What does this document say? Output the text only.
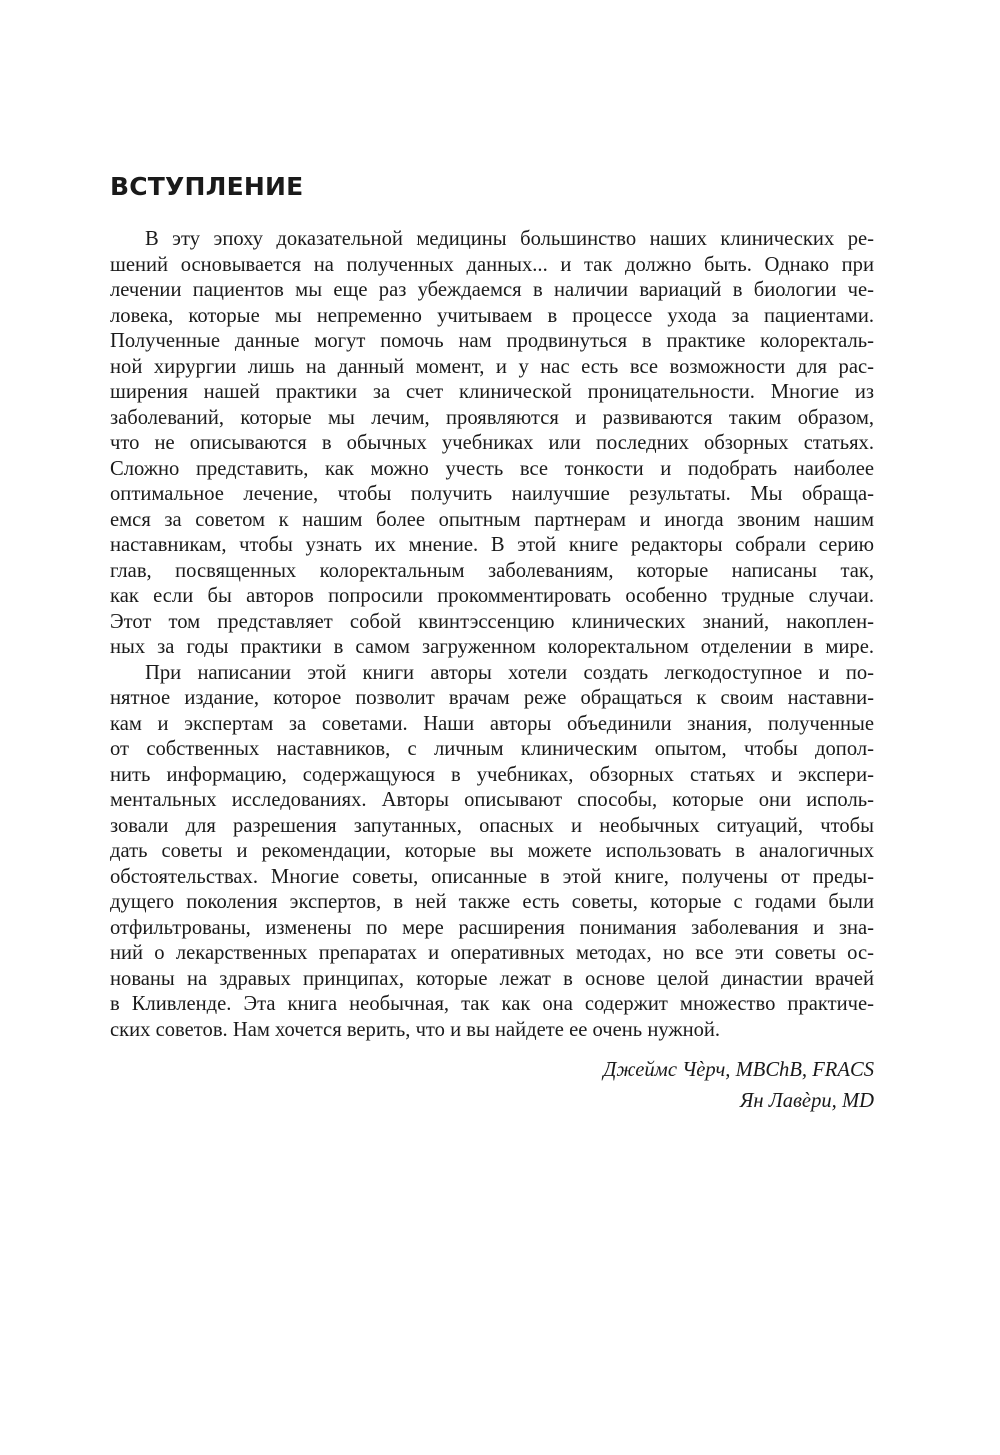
ВСТУПЛЕНИЕ
В эту эпоху доказательной медицины большинство наших клинических ре-
шений основывается на полученных данных... и так должно быть. Однако при
лечении пациентов мы еще раз убеждаемся в наличии вариаций в биологии че-
ловека, которые мы непременно учитываем в процессе ухода за пациентами.
Полученные данные могут помочь нам продвинуться в практике колоректаль-
ной хирургии лишь на данный момент, и у нас есть все возможности для рас-
ширения нашей практики за счет клинической проницательности. Многие из
заболеваний, которые мы лечим, проявляются и развиваются таким образом,
что не описываются в обычных учебниках или последних обзорных статьях.
Сложно представить, как можно учесть все тонкости и подобрать наиболее
оптимальное лечение, чтобы получить наилучшие результаты. Мы обраща-
емся за советом к нашим более опытным партнерам и иногда звоним нашим
наставникам, чтобы узнать их мнение. В этой книге редакторы собрали серию
глав, посвященных колоректальным заболеваниям, которые написаны так,
как если бы авторов попросили прокомментировать особенно трудные случаи.
Этот том представляет собой квинтэссенцию клинических знаний, накоплен-
ных за годы практики в самом загруженном колоректальном отделении в мире.
При написании этой книги авторы хотели создать легкодоступное и по-
нятное издание, которое позволит врачам реже обращаться к своим наставни-
кам и экспертам за советами. Наши авторы объединили знания, полученные
от собственных наставников, с личным клиническим опытом, чтобы допол-
нить информацию, содержащуюся в учебниках, обзорных статьях и экспери-
ментальных исследованиях. Авторы описывают способы, которые они исполь-
зовали для разрешения запутанных, опасных и необычных ситуаций, чтобы
дать советы и рекомендации, которые вы можете использовать в аналогичных
обстоятельствах. Многие советы, описанные в этой книге, получены от преды-
дущего поколения экспертов, в ней также есть советы, которые с годами были
отфильтрованы, изменены по мере расширения понимания заболевания и зна-
ний о лекарственных препаратах и оперативных методах, но все эти советы ос-
нованы на здравых принципах, которые лежат в основе целой династии врачей
в Кливленде. Эта книга необычная, так как она содержит множество практиче-
ских советов. Нам хочется верить, что и вы найдете ее очень нужной.
Джеймс Чѐрч, MBChB, FRACS
Ян Лавѐри, MD
